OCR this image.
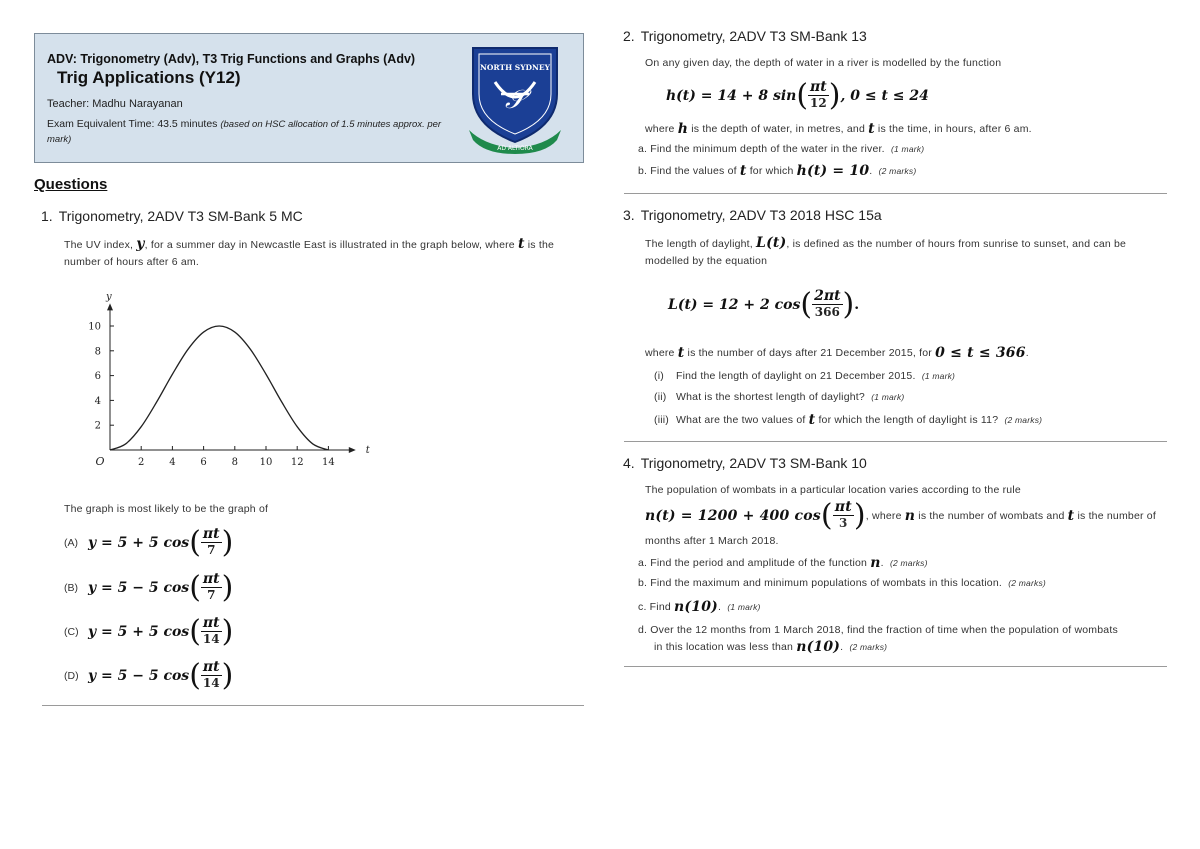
ADV: Trigonometry (Adv), T3 Trig Functions and Graphs (Adv)
Trig Applications (Y12)
Teacher: Madhu Narayanan
Exam Equivalent Time: 43.5 minutes (based on HSC allocation of 1.5 minutes approx. per mark)
NORTH SYDNEY
𝒮
AD ALTIORA
Questions
1. Trigonometry, 2ADV T3 SM-Bank 5 MC
The UV index, y, for a summer day in Newcastle East is illustrated in the graph below, where t is the
number of hours after 6 am.
2 4 6 8 10 12 14
2
4
6
8
10
O
t
y
The graph is most likely to be the graph of
(A) y = 5 + 5 cos ( $\frac{\pi t}{7}$ )
(B) y = 5 − 5 cos ( $\frac{\pi t}{7}$ )
(C) y = 5 + 5 cos ( $\frac{\pi t}{14}$ )
(D) y = 5 − 5 cos ( $\frac{\pi t}{14}$ )
2. Trigonometry, 2ADV T3 SM-Bank 13
On any given day, the depth of water in a river is modelled by the function
h(t) = 14 + 8 sin ( $\frac{\pi t}{12}$ ) , 0 ≤ t ≤ 24
where
h
is the depth of water, in metres, and
t
is the time, in hours, after 6 am.
a. Find the minimum depth of the water in the river.
(1 mark)
b. Find the values of
t
for which
h(t) = 10 . (2 marks)
3. Trigonometry, 2ADV T3 2018 HSC 15a
The length of daylight, L(t), is defined as the number of hours from sunrise to sunset, and can be
modelled by the equation
L(t) = 12 + 2 cos ( $\frac{2\pi t}{366}$ ) .
where
t
is the number of days after 21 December 2015, for
0 ≤ t ≤ 366 .
(i)	Find the length of daylight on 21 December 2015.
(1 mark)
(ii) What is the shortest length of daylight?
(1 mark)
(iii) What are the two values of
t
for which the length of daylight is 11?
(2 marks)
4. Trigonometry, 2ADV T3 SM-Bank 10
The population of wombats in a particular location varies according to the rule
n(t) = 1200 + 400 cos ( $\frac{\pi t}{3}$ ) , where
n
is the number of wombats and
t
is the number of
months after 1 March 2018.
a. Find the period and amplitude of the function
n . (2 marks)
b. Find the maximum and minimum populations of wombats in this location.
(2 marks)
c. Find
n(10) . (1 mark)
d. Over the 12 months from 1 March 2018, find the fraction of time when the population of wombats
in this location was less than
n(10) . (2 marks)
